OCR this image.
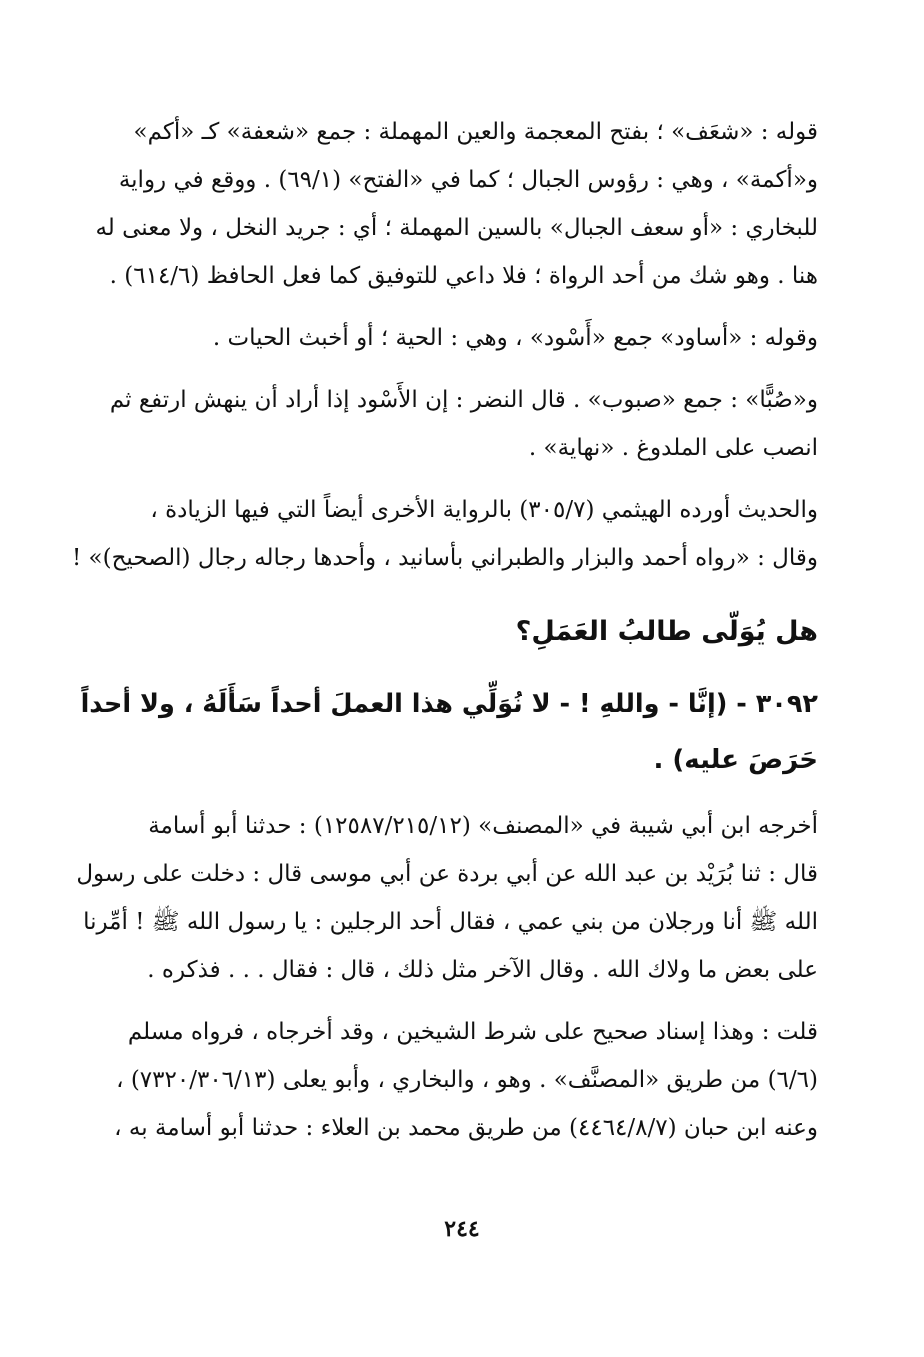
قوله : «شعَف» ؛ بفتح المعجمة والعين المهملة : جمع «شعفة» كـ «أكم»
و«أكمة» ، وهي : رؤوس الجبال ؛ كما في «الفتح» (٦٩/١) . ووقع في رواية
للبخاري : «أو سعف الجبال» بالسين المهملة ؛ أي : جريد النخل ، ولا معنى له
هنا . وهو شك من أحد الرواة ؛ فلا داعي للتوفيق كما فعل الحافظ (٦١٤/٦) .

وقوله : «أساود» جمع «أَسْود» ، وهي : الحية ؛ أو أخبث الحيات .

و«صُبًّا» : جمع «صبوب» . قال النضر : إن الأَسْود إذا أراد أن ينهش ارتفع ثم
انصب على الملدوغ . «نهاية» .

والحديث أورده الهيثمي (٣٠٥/٧) بالرواية الأخرى أيضاً التي فيها الزيادة ،
وقال : «رواه أحمد والبزار والطبراني بأسانيد ، وأحدها رجاله رجال (الصحيح)» !

هل يُوَلّى طالبُ العَمَلِ؟

٣٠٩٢ - (إنَّا - واللهِ ! - لا نُوَلِّي هذا العملَ أحداً سَأَلَهُ ، ولا أحداً
حَرَصَ عليه) .

أخرجه ابن أبي شيبة في «المصنف» (١٢٥٨٧/٢١٥/١٢) : حدثنا أبو أسامة
قال : ثنا بُرَيْد بن عبد الله عن أبي بردة عن أبي موسى قال : دخلت على رسول
الله ﷺ أنا ورجلان من بني عمي ، فقال أحد الرجلين : يا رسول الله ﷺ ! أمِّرنا
على بعض ما ولاك الله . وقال الآخر مثل ذلك ، قال : فقال . . . فذكره .

قلت : وهذا إسناد صحيح على شرط الشيخين ، وقد أخرجاه ، فرواه مسلم
(٦/٦) من طريق «المصنَّف» . وهو ، والبخاري ، وأبو يعلى (٧٣٢٠/٣٠٦/١٣) ،
وعنه ابن حبان (٤٤٦٤/٨/٧) من طريق محمد بن العلاء : حدثنا أبو أسامة به ،

٢٤٤
